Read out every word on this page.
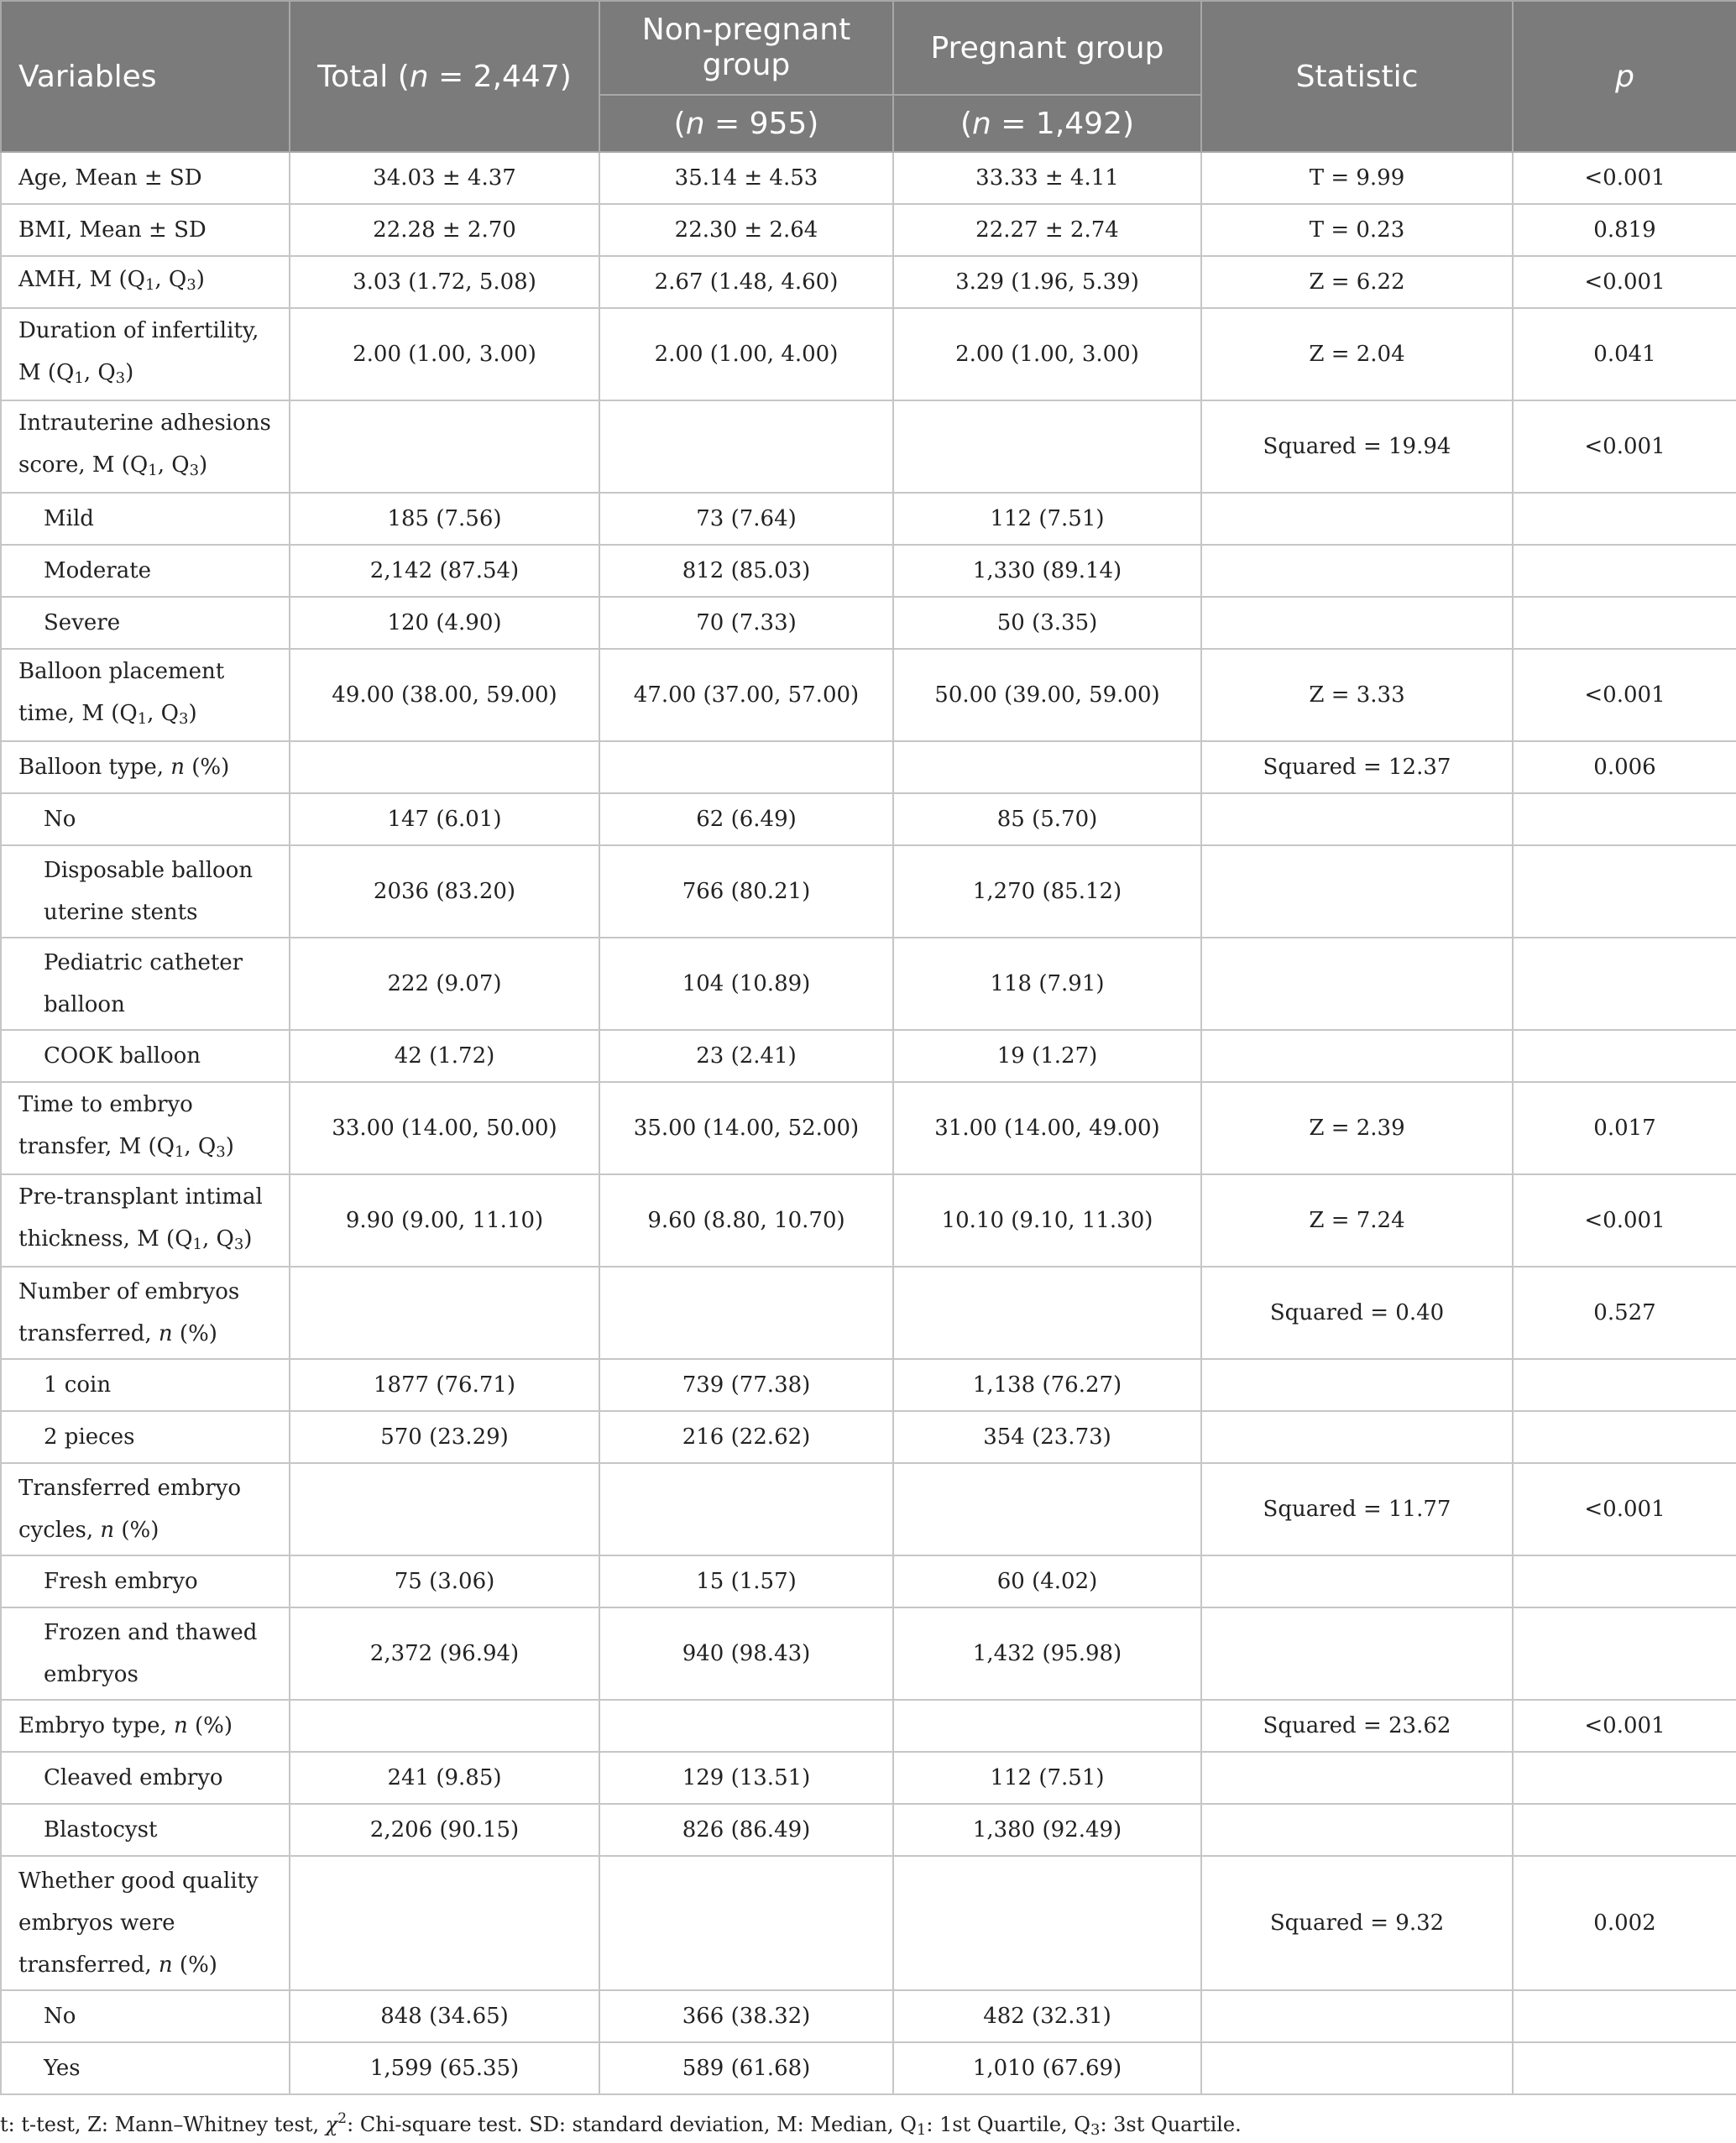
Variables	Total (n = 2,447)	Non-pregnant group	Pregnant group	Statistic	p
		(n = 955)	(n = 1,492)		
Age, Mean ± SD	34.03 ± 4.37	35.14 ± 4.53	33.33 ± 4.11	T = 9.99	<0.001
BMI, Mean ± SD	22.28 ± 2.70	22.30 ± 2.64	22.27 ± 2.74	T = 0.23	0.819
AMH, M (Q1, Q3)	3.03 (1.72, 5.08)	2.67 (1.48, 4.60)	3.29 (1.96, 5.39)	Z = 6.22	<0.001
Duration of infertility, M (Q1, Q3)	2.00 (1.00, 3.00)	2.00 (1.00, 4.00)	2.00 (1.00, 3.00)	Z = 2.04	0.041
Intrauterine adhesions score, M (Q1, Q3)				Squared = 19.94	<0.001
Mild	185 (7.56)	73 (7.64)	112 (7.51)		
Moderate	2,142 (87.54)	812 (85.03)	1,330 (89.14)		
Severe	120 (4.90)	70 (7.33)	50 (3.35)		
Balloon placement time, M (Q1, Q3)	49.00 (38.00, 59.00)	47.00 (37.00, 57.00)	50.00 (39.00, 59.00)	Z = 3.33	<0.001
Balloon type, n (%)				Squared = 12.37	0.006
No	147 (6.01)	62 (6.49)	85 (5.70)		
Disposable balloon uterine stents	2036 (83.20)	766 (80.21)	1,270 (85.12)		
Pediatric catheter balloon	222 (9.07)	104 (10.89)	118 (7.91)		
COOK balloon	42 (1.72)	23 (2.41)	19 (1.27)		
Time to embryo transfer, M (Q1, Q3)	33.00 (14.00, 50.00)	35.00 (14.00, 52.00)	31.00 (14.00, 49.00)	Z = 2.39	0.017
Pre-transplant intimal thickness, M (Q1, Q3)	9.90 (9.00, 11.10)	9.60 (8.80, 10.70)	10.10 (9.10, 11.30)	Z = 7.24	<0.001
Number of embryos transferred, n (%)				Squared = 0.40	0.527
1 coin	1877 (76.71)	739 (77.38)	1,138 (76.27)		
2 pieces	570 (23.29)	216 (22.62)	354 (23.73)		
Transferred embryo cycles, n (%)				Squared = 11.77	<0.001
Fresh embryo	75 (3.06)	15 (1.57)	60 (4.02)		
Frozen and thawed embryos	2,372 (96.94)	940 (98.43)	1,432 (95.98)		
Embryo type, n (%)				Squared = 23.62	<0.001
Cleaved embryo	241 (9.85)	129 (13.51)	112 (7.51)		
Blastocyst	2,206 (90.15)	826 (86.49)	1,380 (92.49)		
Whether good quality embryos were transferred, n (%)				Squared = 9.32	0.002
No	848 (34.65)	366 (38.32)	482 (32.31)		
Yes	1,599 (65.35)	589 (61.68)	1,010 (67.69)		
t: t-test, Z: Mann–Whitney test, $\chi^2$: Chi-square test. SD: standard deviation, M: Median, Q1: 1st Quartile, Q3: 3st Quartile.
